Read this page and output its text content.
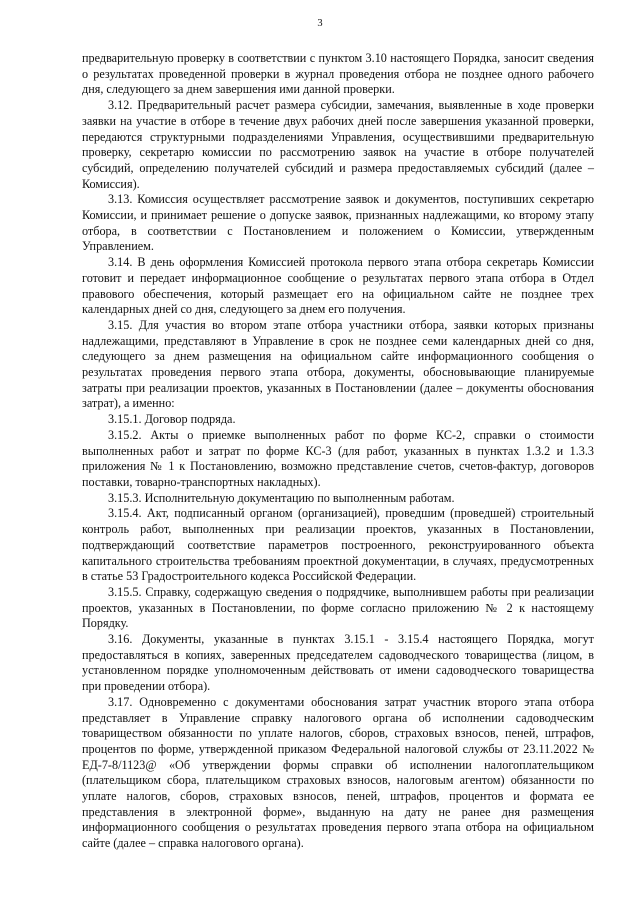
3

предварительную проверку в соответствии с пунктом 3.10 настоящего Порядка, заносит сведения о результатах проведенной проверки в журнал проведения отбора не позднее одного рабочего дня, следующего за днем завершения ими данной проверки.

3.12. Предварительный расчет размера субсидии, замечания, выявленные в ходе проверки заявки на участие в отборе в течение двух рабочих дней после завершения указанной проверки, передаются структурными подразделениями Управления, осуществившими предварительную проверку, секретарю комиссии по рассмотрению заявок на участие в отборе получателей субсидий, определению получателей субсидий и размера предоставляемых субсидий (далее – Комиссия).

3.13. Комиссия осуществляет рассмотрение заявок и документов, поступивших секретарю Комиссии, и принимает решение о допуске заявок, признанных надлежащими, ко второму этапу отбора, в соответствии с Постановлением и положением о Комиссии, утвержденным Управлением.

3.14. В день оформления Комиссией протокола первого этапа отбора секретарь Комиссии готовит и передает информационное сообщение о результатах первого этапа отбора в Отдел правового обеспечения, который размещает его на официальном сайте не позднее трех календарных дней со дня, следующего за днем его получения.

3.15. Для участия во втором этапе отбора участники отбора, заявки которых признаны надлежащими, представляют в Управление в срок не позднее семи календарных дней со дня, следующего за днем размещения на официальном сайте информационного сообщения о результатах проведения первого этапа отбора, документы, обосновывающие планируемые затраты при реализации проектов, указанных в Постановлении (далее – документы обоснования затрат), а именно:

3.15.1. Договор подряда.

3.15.2. Акты о приемке выполненных работ по форме КС-2, справки о стоимости выполненных работ и затрат по форме КС-3 (для работ, указанных в пунктах 1.3.2 и 1.3.3 приложения № 1 к Постановлению, возможно представление счетов, счетов-фактур, договоров поставки, товарно-транспортных накладных).

3.15.3. Исполнительную документацию по выполненным работам.

3.15.4. Акт, подписанный органом (организацией), проведшим (проведшей) строительный контроль работ, выполненных при реализации проектов, указанных в Постановлении, подтверждающий соответствие параметров построенного, реконструированного объекта капитального строительства требованиям проектной документации, в случаях, предусмотренных в статье 53 Градостроительного кодекса Российской Федерации.

3.15.5. Справку, содержащую сведения о подрядчике, выполнившем работы при реализации проектов, указанных в Постановлении, по форме согласно приложению № 2 к настоящему Порядку.

3.16. Документы, указанные в пунктах 3.15.1 - 3.15.4 настоящего Порядка, могут предоставляться в копиях, заверенных председателем садоводческого товарищества (лицом, в установленном порядке уполномоченным действовать от имени садоводческого товарищества при проведении отбора).

3.17. Одновременно с документами обоснования затрат участник второго этапа отбора представляет в Управление справку налогового органа об исполнении садоводческим товариществом обязанности по уплате налогов, сборов, страховых взносов, пеней, штрафов, процентов по форме, утвержденной приказом Федеральной налоговой службы от 23.11.2022 № ЕД-7-8/1123@ «Об утверждении формы справки об исполнении налогоплательщиком (плательщиком сбора, плательщиком страховых взносов, налоговым агентом) обязанности по уплате налогов, сборов, страховых взносов, пеней, штрафов, процентов и формата ее представления в электронной форме», выданную на дату не ранее дня размещения информационного сообщения о результатах проведения первого этапа отбора на официальном сайте (далее – справка налогового органа).
